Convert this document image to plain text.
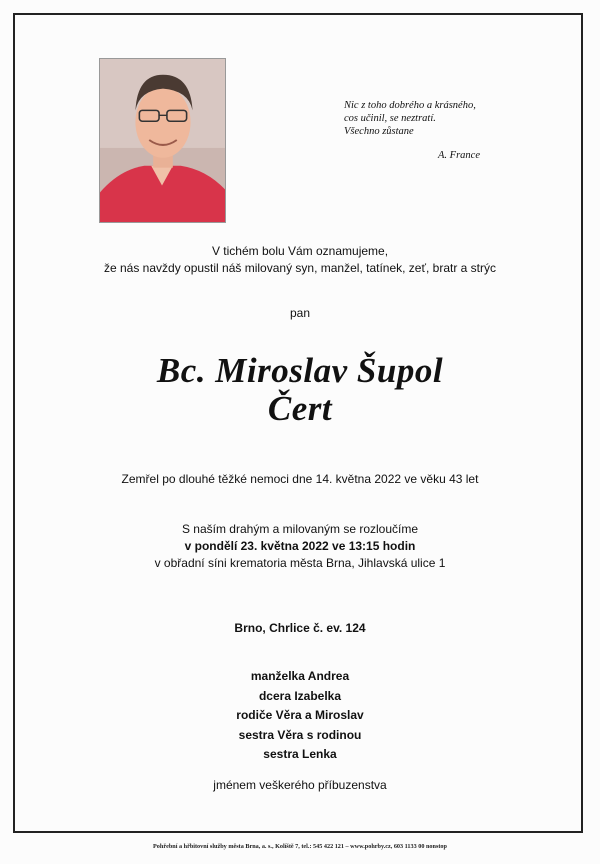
Nic z toho dobrého a krásného,
cos učinil, se neztratí.
Všechno zůstane
A. France
V tichém bolu Vám oznamujeme,
že nás navždy opustil náš milovaný syn, manžel, tatínek, zeť, bratr a strýc
pan
Bc. Miroslav Šupol
Čert
Zemřel po dlouhé těžké nemoci dne 14. května 2022 ve věku 43 let
S naším drahým a milovaným se rozloučíme
v pondělí 23. května 2022 ve 13:15 hodin
v obřadní síni krematoria města Brna, Jihlavská ulice 1
Brno, Chrlice č. ev. 124
manželka Andrea
dcera Izabelka
rodiče Věra a Miroslav
sestra Věra s rodinou
sestra Lenka
jménem veškerého příbuzenstva
Pohřební a hřbitovní služby města Brna, a. s., Kolíště 7, tel.: 545 422 121 – www.pohrby.cz, 603 1133 00 nonstop
